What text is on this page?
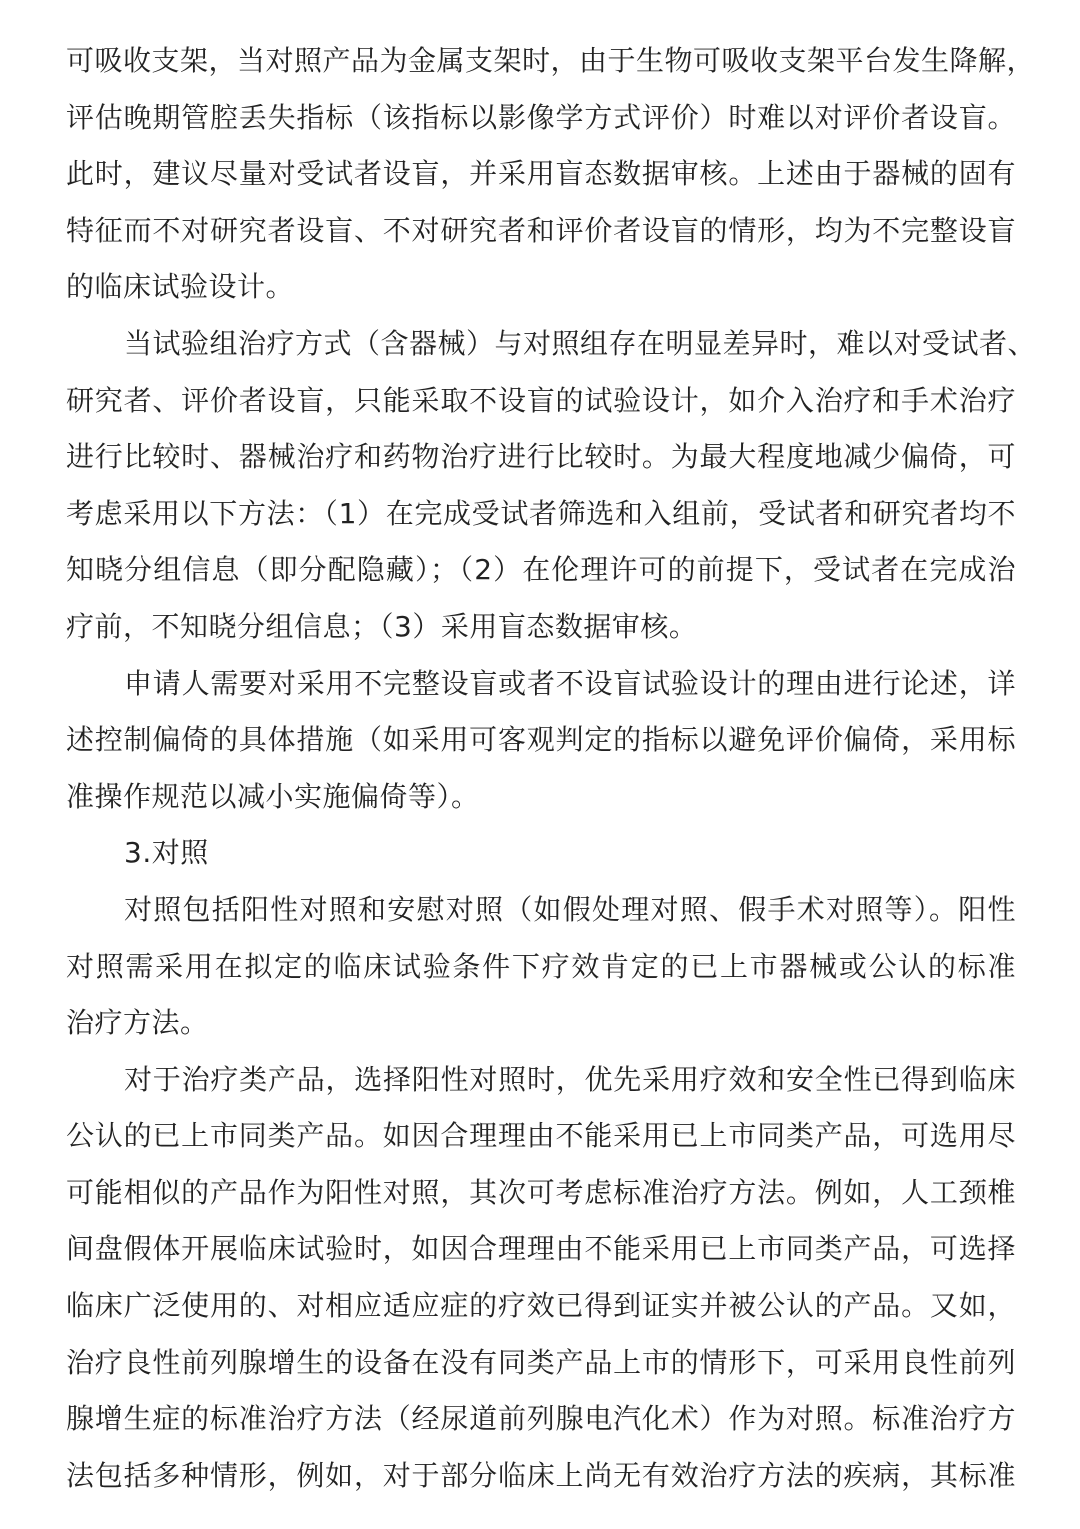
可吸收支架，当对照产品为金属支架时，由于生物可吸收支架平台发生降解，
评估晚期管腔丢失指标（该指标以影像学方式评价）时难以对评价者设盲。
此时，建议尽量对受试者设盲，并采用盲态数据审核。上述由于器械的固有
特征而不对研究者设盲、不对研究者和评价者设盲的情形，均为不完整设盲
的临床试验设计。
当试验组治疗方式（含器械）与对照组存在明显差异时，难以对受试者、
研究者、评价者设盲，只能采取不设盲的试验设计，如介入治疗和手术治疗
进行比较时、器械治疗和药物治疗进行比较时。为最大程度地减少偏倚，可
考虑采用以下方法：（1）在完成受试者筛选和入组前，受试者和研究者均不
知晓分组信息（即分配隐藏）；（2）在伦理许可的前提下，受试者在完成治
疗前，不知晓分组信息；（3）采用盲态数据审核。
申请人需要对采用不完整设盲或者不设盲试验设计的理由进行论述，详
述控制偏倚的具体措施（如采用可客观判定的指标以避免评价偏倚，采用标
准操作规范以减小实施偏倚等）。
3.对照
对照包括阳性对照和安慰对照（如假处理对照、假手术对照等）。阳性
对照需采用在拟定的临床试验条件下疗效肯定的已上市器械或公认的标准
治疗方法。
对于治疗类产品，选择阳性对照时，优先采用疗效和安全性已得到临床
公认的已上市同类产品。如因合理理由不能采用已上市同类产品，可选用尽
可能相似的产品作为阳性对照，其次可考虑标准治疗方法。例如，人工颈椎
间盘假体开展临床试验时，如因合理理由不能采用已上市同类产品，可选择
临床广泛使用的、对相应适应症的疗效已得到证实并被公认的产品。又如，
治疗良性前列腺增生的设备在没有同类产品上市的情形下，可采用良性前列
腺增生症的标准治疗方法（经尿道前列腺电汽化术）作为对照。标准治疗方
法包括多种情形，例如，对于部分临床上尚无有效治疗方法的疾病，其标准
